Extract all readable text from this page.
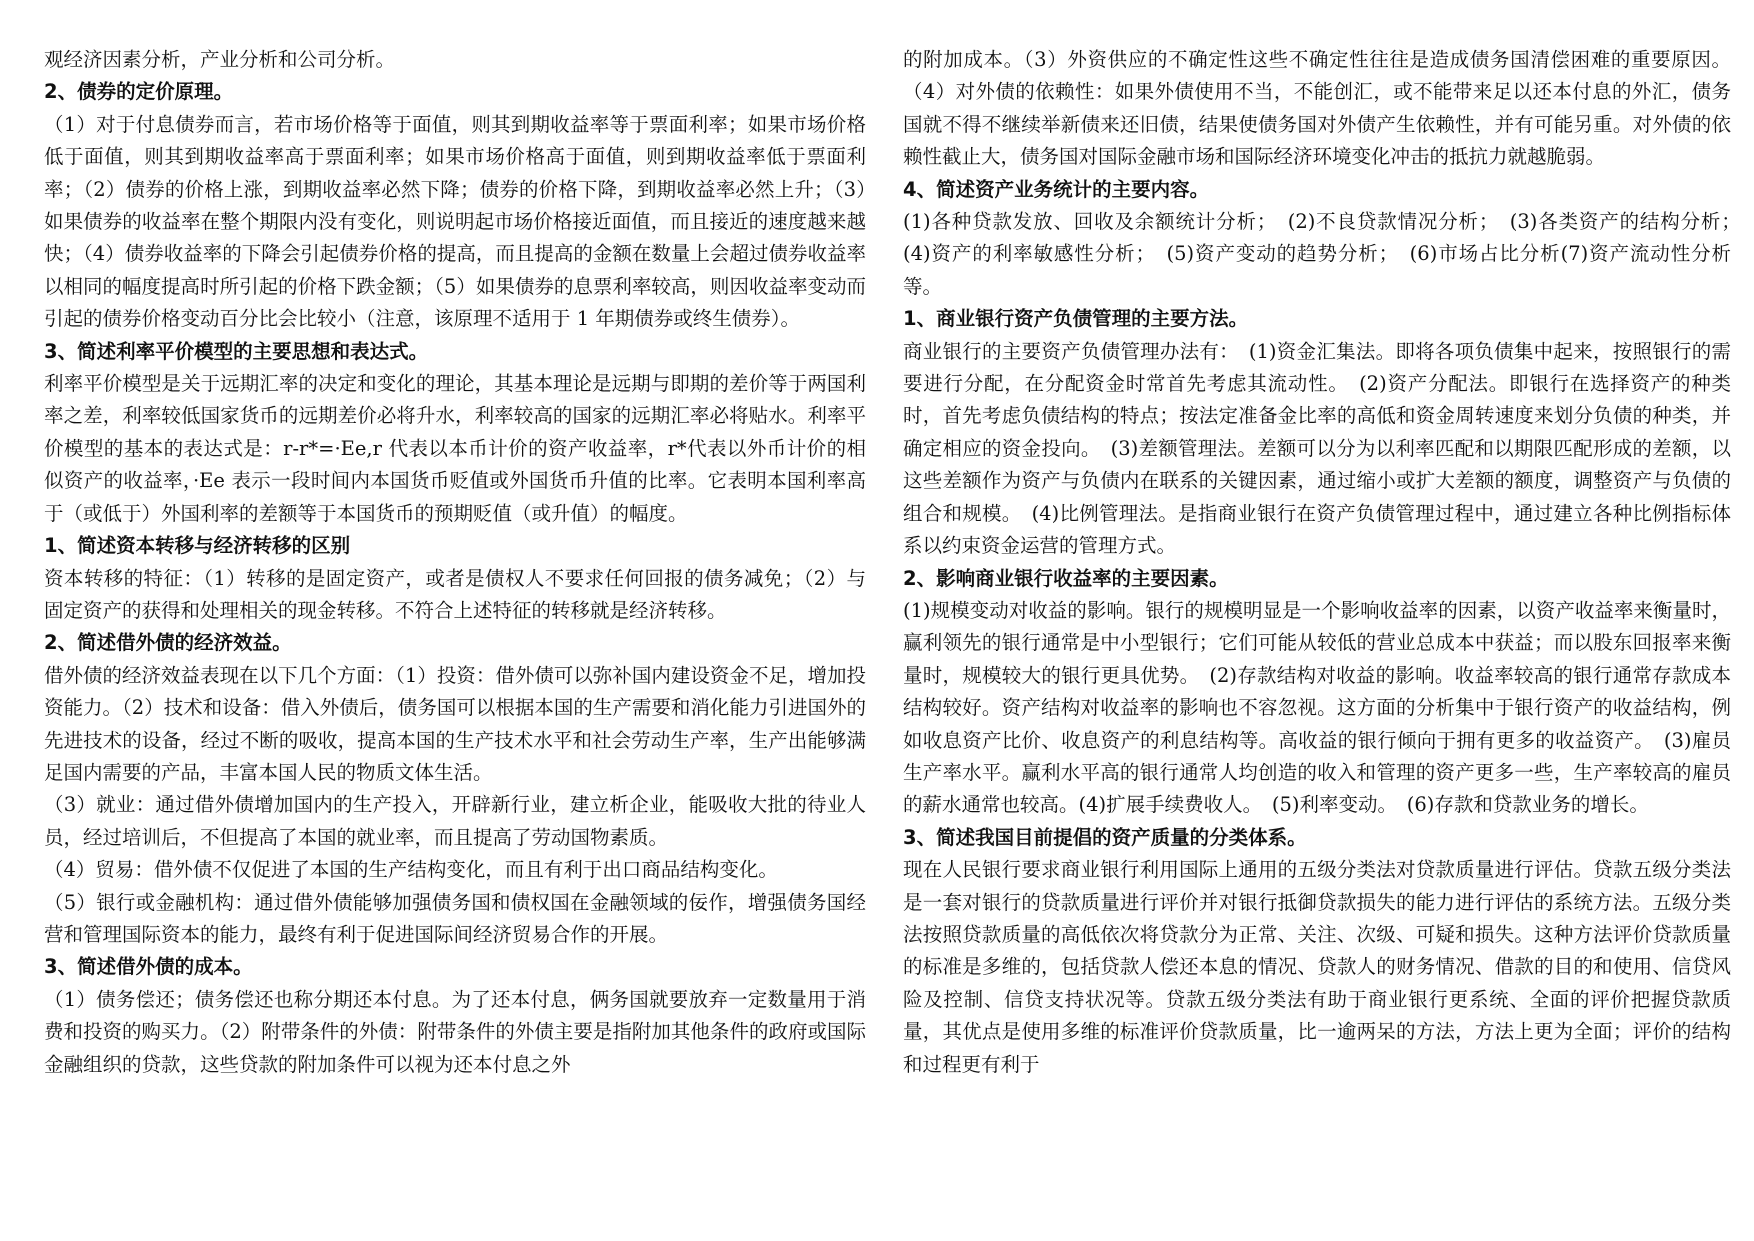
观经济因素分析，产业分析和公司分析。

2、债券的定价原理。

（1）对于付息债券而言，若市场价格等于面值，则其到期收益率等于票面利率；如果市场价格低于面值，则其到期收益率高于票面利率；如果市场价格高于面值，则到期收益率低于票面利率；（2）债券的价格上涨，到期收益率必然下降；债券的价格下降，到期收益率必然上升；（3）如果债券的收益率在整个期限内没有变化，则说明起市场价格接近面值，而且接近的速度越来越快；（4）债券收益率的下降会引起债券价格的提高，而且提高的金额在数量上会超过债券收益率以相同的幅度提高时所引起的价格下跌金额；（5）如果债券的息票利率较高，则因收益率变动而引起的债券价格变动百分比会比较小（注意，该原理不适用于 1 年期债券或终生债券）。

3、简述利率平价模型的主要思想和表达式。

利率平价模型是关于远期汇率的决定和变化的理论，其基本理论是远期与即期的差价等于两国利率之差，利率较低国家货币的远期差价必将升水，利率较高的国家的远期汇率必将贴水。利率平价模型的基本的表达式是：r-r*=·Ee,r 代表以本币计价的资产收益率，r*代表以外币计价的相似资产的收益率，·Ee 表示一段时间内本国货币贬值或外国货币升值的比率。它表明本国利率高于（或低于）外国利率的差额等于本国货币的预期贬值（或升值）的幅度。

1、简述资本转移与经济转移的区别

资本转移的特征：（1）转移的是固定资产，或者是债权人不要求任何回报的债务减免；（2）与固定资产的获得和处理相关的现金转移。不符合上述特征的转移就是经济转移。

2、简述借外债的经济效益。

借外债的经济效益表现在以下几个方面：（1）投资：借外债可以弥补国内建设资金不足，增加投资能力。（2）技术和设备：借入外债后，债务国可以根据本国的生产需要和消化能力引进国外的先进技术的设备，经过不断的吸收，提高本国的生产技术水平和社会劳动生产率，生产出能够满足国内需要的产品，丰富本国人民的物质文体生活。

（3）就业：通过借外债增加国内的生产投入，开辟新行业，建立析企业，能吸收大批的待业人员，经过培训后，不但提高了本国的就业率，而且提高了劳动国物素质。

（4）贸易：借外债不仅促进了本国的生产结构变化，而且有利于出口商品结构变化。

（5）银行或金融机构：通过借外债能够加强债务国和债权国在金融领域的佞作，增强债务国经营和管理国际资本的能力，最终有利于促进国际间经济贸易合作的开展。

3、简述借外债的成本。

（1）债务偿还；债务偿还也称分期还本付息。为了还本付息，俩务国就要放弃一定数量用于消费和投资的购买力。（2）附带条件的外债：附带条件的外债主要是指附加其他条件的政府或国际金融组织的贷款，这些贷款的附加条件可以视为还本付息之外

的附加成本。（3）外资供应的不确定性这些不确定性往往是造成债务国清偿困难的重要原因。（4）对外债的依赖性：如果外债使用不当，不能创汇，或不能带来足以还本付息的外汇，债务国就不得不继续举新债来还旧债，结果使债务国对外债产生依赖性，并有可能另重。对外债的依赖性截止大，债务国对国际金融市场和国际经济环境变化冲击的抵抗力就越脆弱。

4、简述资产业务统计的主要内容。

(1)各种贷款发放、回收及余额统计分析；　(2)不良贷款情况分析；　(3)各类资产的结构分析；　(4)资产的利率敏感性分析；　(5)资产变动的趋势分析；　(6)市场占比分析(7)资产流动性分析等。

1、商业银行资产负债管理的主要方法。

商业银行的主要资产负债管理办法有：　(1)资金汇集法。即将各项负债集中起来，按照银行的需要进行分配，在分配资金时常首先考虑其流动性。　(2)资产分配法。即银行在选择资产的种类时，首先考虑负债结构的特点；按法定准备金比率的高低和资金周转速度来划分负债的种类，并确定相应的资金投向。　(3)差额管理法。差额可以分为以利率匹配和以期限匹配形成的差额，以这些差额作为资产与负债内在联系的关键因素，通过缩小或扩大差额的额度，调整资产与负债的组合和规模。　(4)比例管理法。是指商业银行在资产负债管理过程中，通过建立各种比例指标体系以约束资金运营的管理方式。

2、影响商业银行收益率的主要因素。

(1)规模变动对收益的影响。银行的规模明显是一个影响收益率的因素，以资产收益率来衡量时，赢利领先的银行通常是中小型银行；它们可能从较低的营业总成本中获益；而以股东回报率来衡量时，规模较大的银行更具优势。　(2)存款结构对收益的影响。收益率较高的银行通常存款成本结构较好。资产结构对收益率的影响也不容忽视。这方面的分析集中于银行资产的收益结构，例如收息资产比价、收息资产的利息结构等。高收益的银行倾向于拥有更多的收益资产。　(3)雇员生产率水平。赢利水平高的银行通常人均创造的收入和管理的资产更多一些，生产率较高的雇员的薪水通常也较高。(4)扩展手续费收人。　(5)利率变动。　(6)存款和贷款业务的增长。

3、简述我国目前提倡的资产质量的分类体系。

现在人民银行要求商业银行利用国际上通用的五级分类法对贷款质量进行评估。贷款五级分类法是一套对银行的贷款质量进行评价并对银行抵御贷款损失的能力进行评估的系统方法。五级分类法按照贷款质量的高低依次将贷款分为正常、关注、次级、可疑和损失。这种方法评价贷款质量的标准是多维的，包括贷款人偿还本息的情况、贷款人的财务情况、借款的目的和使用、信贷风险及控制、信贷支持状况等。贷款五级分类法有助于商业银行更系统、全面的评价把握贷款质量，其优点是使用多维的标准评价贷款质量，比一逾两呆的方法，方法上更为全面；评价的结构和过程更有利于
